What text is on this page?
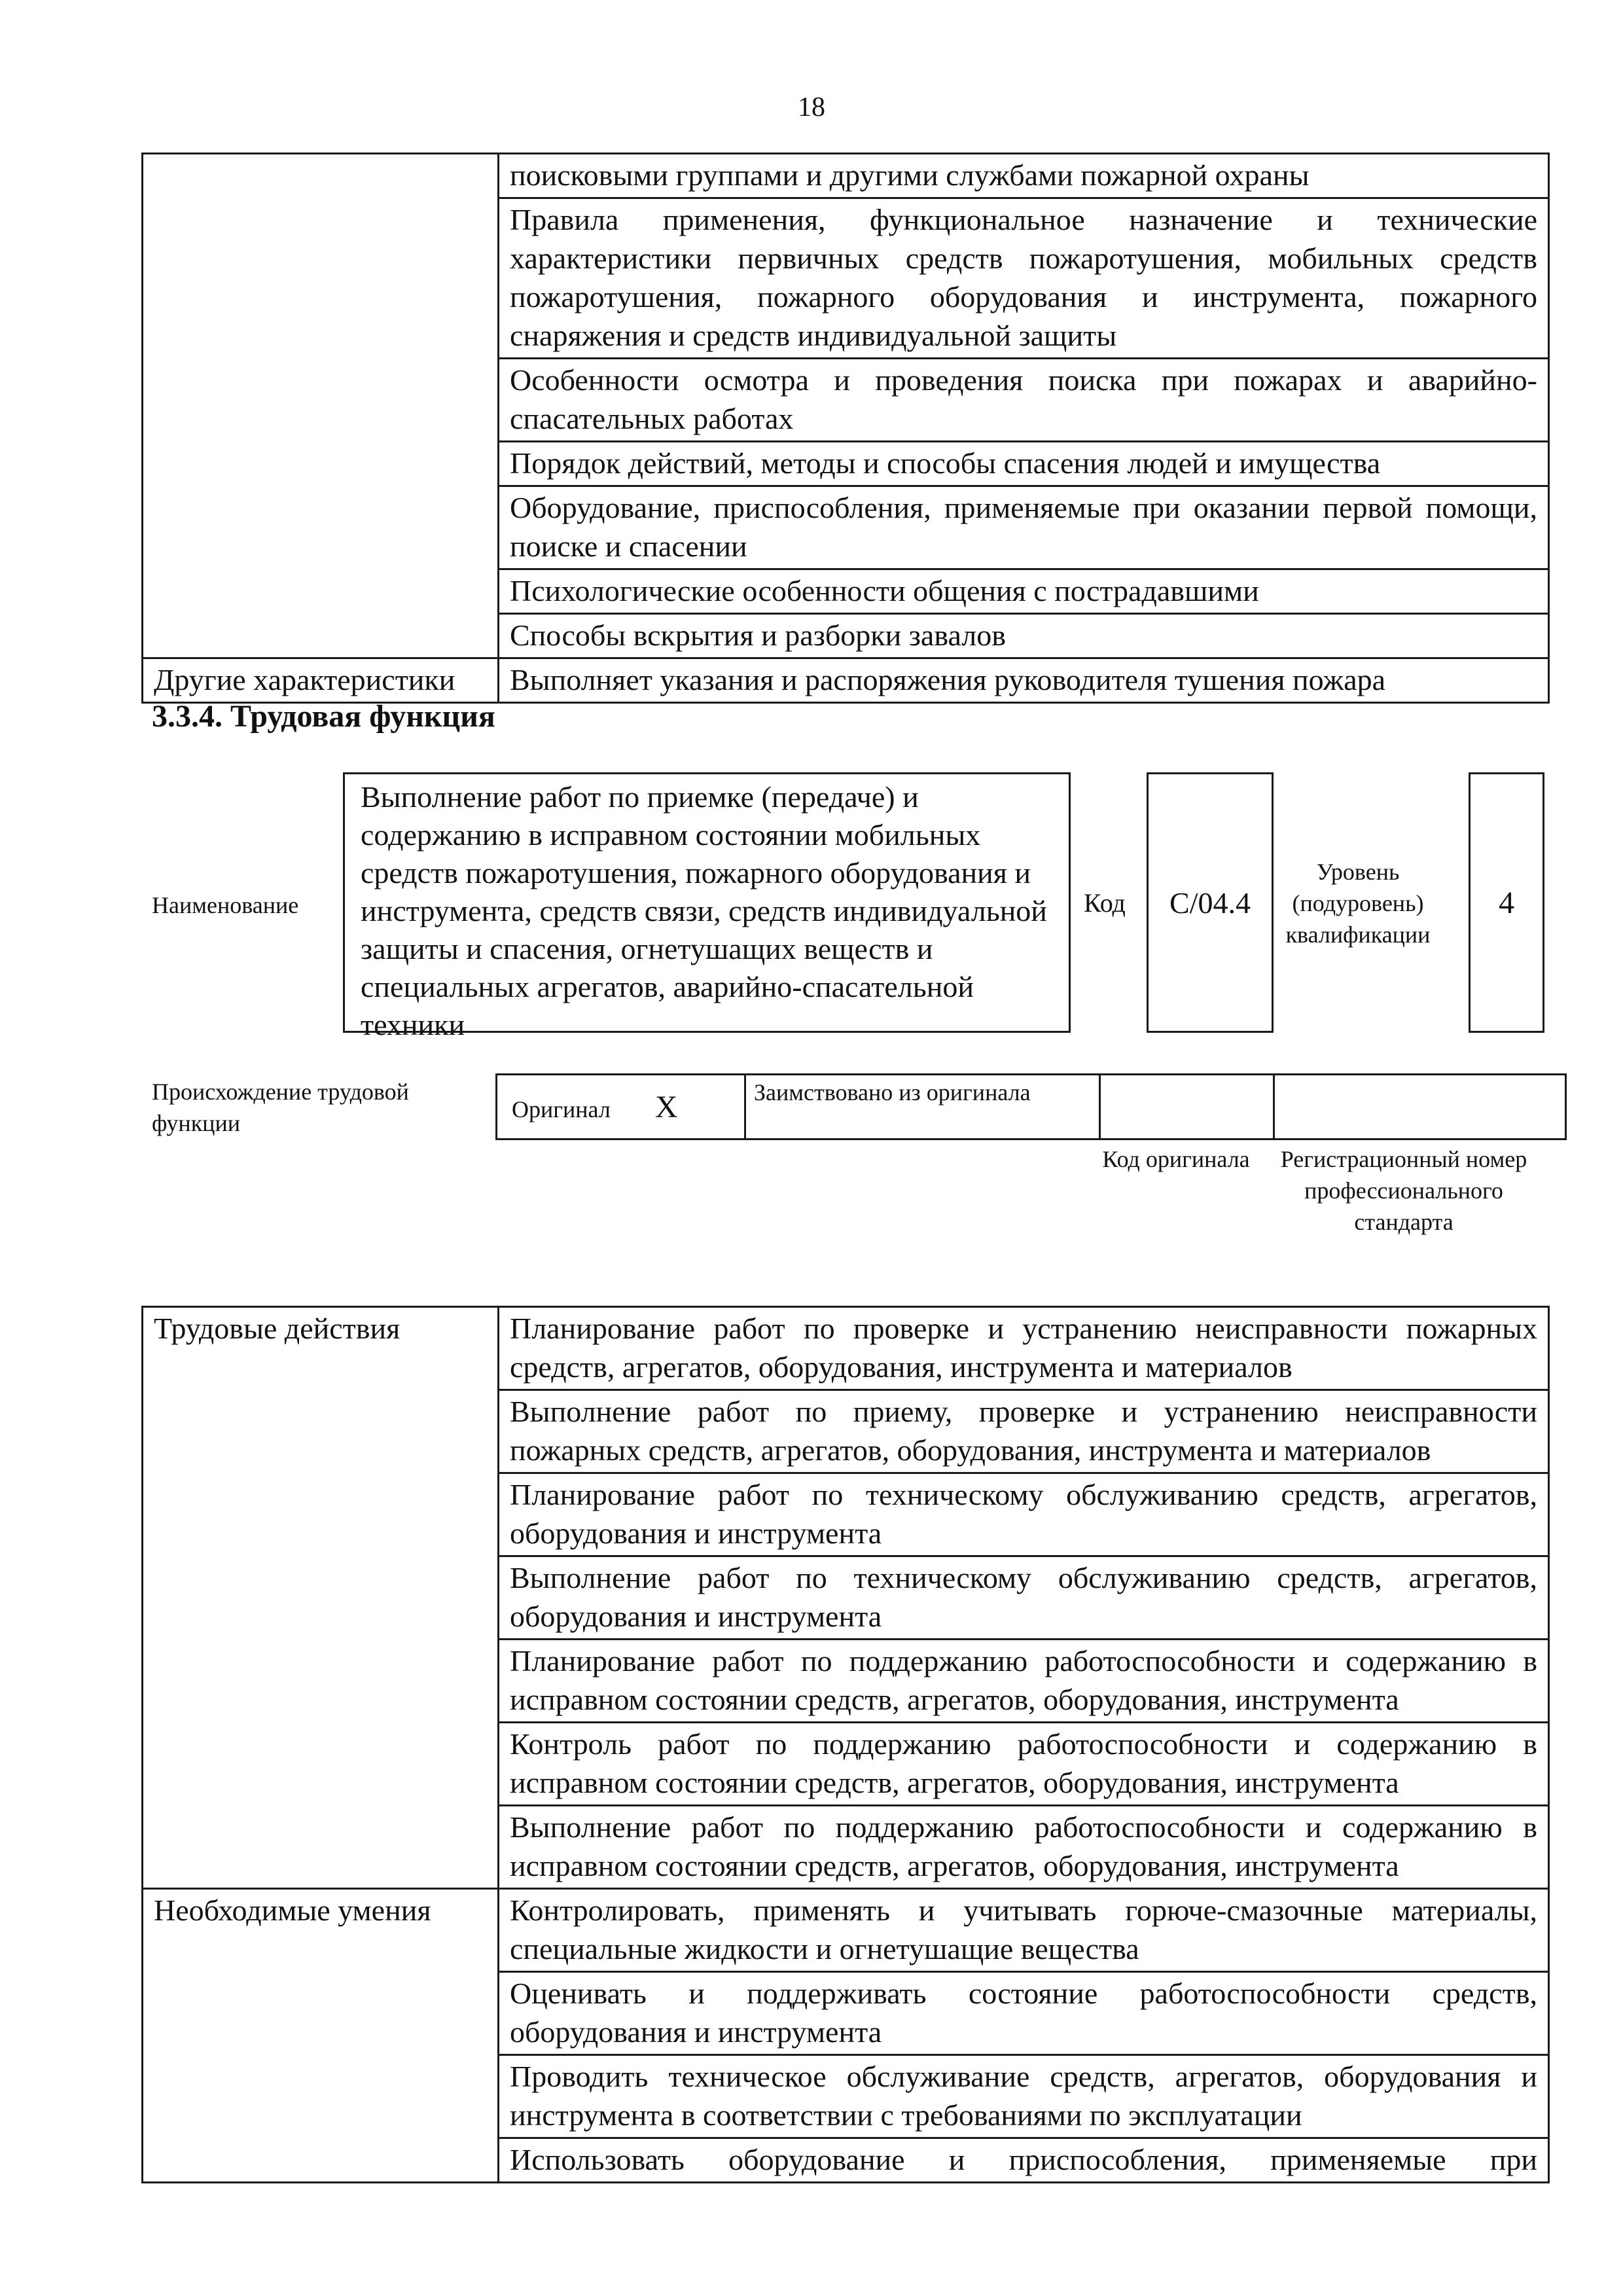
18
	поисковыми группами и другими службами пожарной охраны
	Правила применения, функциональное назначение и технические характеристики первичных средств пожаротушения, мобильных средств пожаротушения, пожарного оборудования и инструмента, пожарного снаряжения и средств индивидуальной защиты
	Особенности осмотра и проведения поиска при пожарах и аварийно-спасательных работах
	Порядок действий, методы и способы спасения людей и имущества
	Оборудование, приспособления, применяемые при оказании первой помощи, поиске и спасении
	Психологические особенности общения с пострадавшими
	Способы вскрытия и разборки завалов
Другие характеристики	Выполняет указания и распоряжения руководителя тушения пожара
3.3.4. Трудовая функция
Наименование
Выполнение работ по приемке (передаче) и содержанию в исправном состоянии мобильных средств пожаротушения, пожарного оборудования и инструмента, средств связи, средств индивидуальной защиты и спасения, огнетушащих веществ и специальных агрегатов, аварийно-спасательной техники
Код C/04.4
Уровень (подуровень) квалификации
4
Происхождение трудовой функции
Оригинал X	Заимствовано из оригинала		
Код оригинала	Регистрационный номер профессионального стандарта
Трудовые действия	Планирование работ по проверке и устранению неисправности пожарных средств, агрегатов, оборудования, инструмента и материалов
	Выполнение работ по приему, проверке и устранению неисправности пожарных средств, агрегатов, оборудования, инструмента и материалов
	Планирование работ по техническому обслуживанию средств, агрегатов, оборудования и инструмента
	Выполнение работ по техническому обслуживанию средств, агрегатов, оборудования и инструмента
	Планирование работ по поддержанию работоспособности и содержанию в исправном состоянии средств, агрегатов, оборудования, инструмента
	Контроль работ по поддержанию работоспособности и содержанию в исправном состоянии средств, агрегатов, оборудования, инструмента
	Выполнение работ по поддержанию работоспособности и содержанию в исправном состоянии средств, агрегатов, оборудования, инструмента
Необходимые умения	Контролировать, применять и учитывать горюче-смазочные материалы, специальные жидкости и огнетушащие вещества
	Оценивать и поддерживать состояние работоспособности средств, оборудования и инструмента
	Проводить техническое обслуживание средств, агрегатов, оборудования и инструмента в соответствии с требованиями по эксплуатации
	Использовать оборудование и приспособления, применяемые при
